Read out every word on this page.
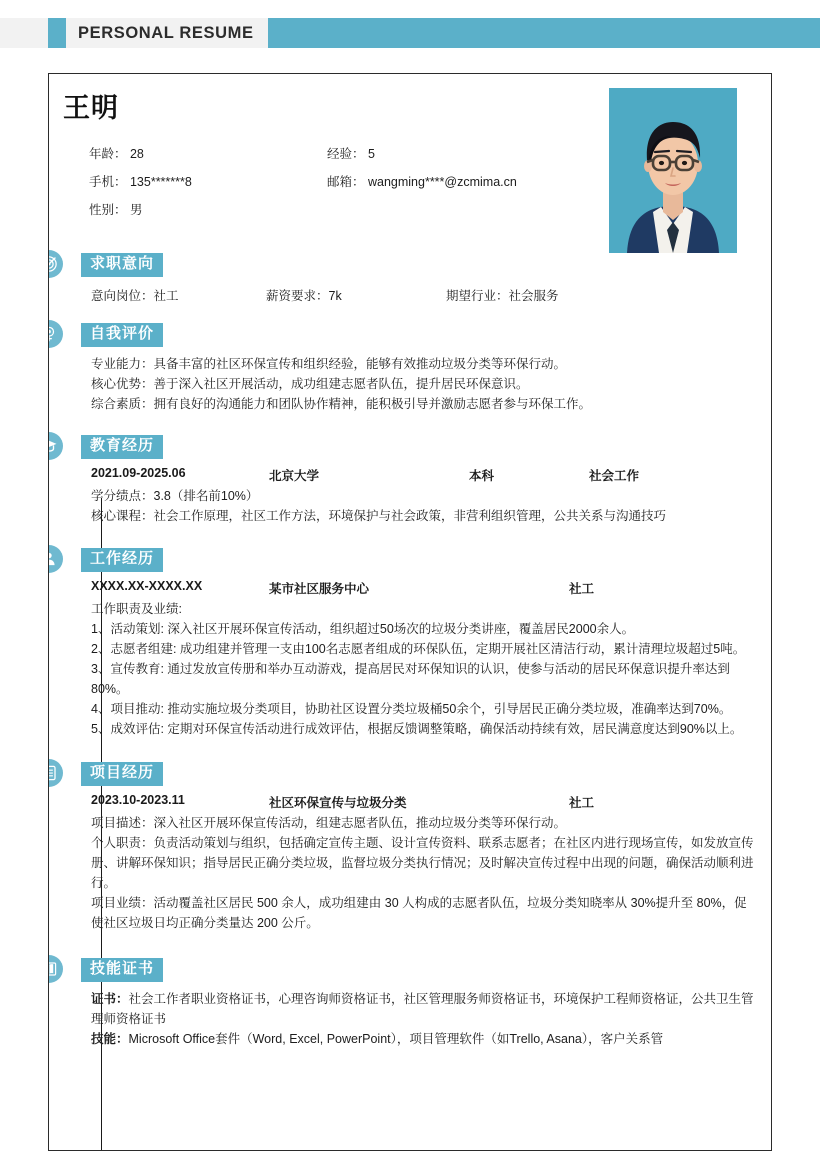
PERSONAL RESUME
王明
年龄： 28	经验： 5
手机： 135*******8	邮箱： wangming****@zcmima.cn
性别： 男
求职意向
意向岗位：社工	薪资要求：7k	期望行业：社会服务
自我评价
专业能力：具备丰富的社区环保宣传和组织经验，能够有效推动垃圾分类等环保行动。
核心优势：善于深入社区开展活动，成功组建志愿者队伍，提升居民环保意识。
综合素质：拥有良好的沟通能力和团队协作精神，能积极引导并激励志愿者参与环保工作。
教育经历
2021.09-2025.06	北京大学	本科	社会工作
学分绩点：3.8（排名前10%）
核心课程：社会工作原理，社区工作方法，环境保护与社会政策，非营利组织管理，公共关系与沟通技巧
工作经历
XXXX.XX-XXXX.XX	某市社区服务中心	社工
工作职责及业绩:
1、活动策划: 深入社区开展环保宣传活动，组织超过50场次的垃圾分类讲座，覆盖居民2000余人。
2、志愿者组建: 成功组建并管理一支由100名志愿者组成的环保队伍，定期开展社区清洁行动，累计清理垃圾超过5吨。
3、宣传教育: 通过发放宣传册和举办互动游戏，提高居民对环保知识的认识，使参与活动的居民环保意识提升率达到80%。
4、项目推动: 推动实施垃圾分类项目，协助社区设置分类垃圾桶50余个，引导居民正确分类垃圾，准确率达到70%。
5、成效评估: 定期对环保宣传活动进行成效评估，根据反馈调整策略，确保活动持续有效，居民满意度达到90%以上。
项目经历
2023.10-2023.11	社区环保宣传与垃圾分类	社工
项目描述：深入社区开展环保宣传活动，组建志愿者队伍，推动垃圾分类等环保行动。
个人职责：负责活动策划与组织，包括确定宣传主题、设计宣传资料、联系志愿者；在社区内进行现场宣传，如发放宣传册、讲解环保知识；指导居民正确分类垃圾，监督垃圾分类执行情况；及时解决宣传过程中出现的问题，确保活动顺利进行。
项目业绩：活动覆盖社区居民 500 余人，成功组建由 30 人构成的志愿者队伍，垃圾分类知晓率从 30%提升至 80%，促使社区垃圾日均正确分类量达 200 公斤。
技能证书
证书：社会工作者职业资格证书，心理咨询师资格证书，社区管理服务师资格证书，环境保护工程师资格证，公共卫生管理师资格证书
技能：Microsoft Office套件（Word, Excel, PowerPoint），项目管理软件（如Trello, Asana），客户关系管
